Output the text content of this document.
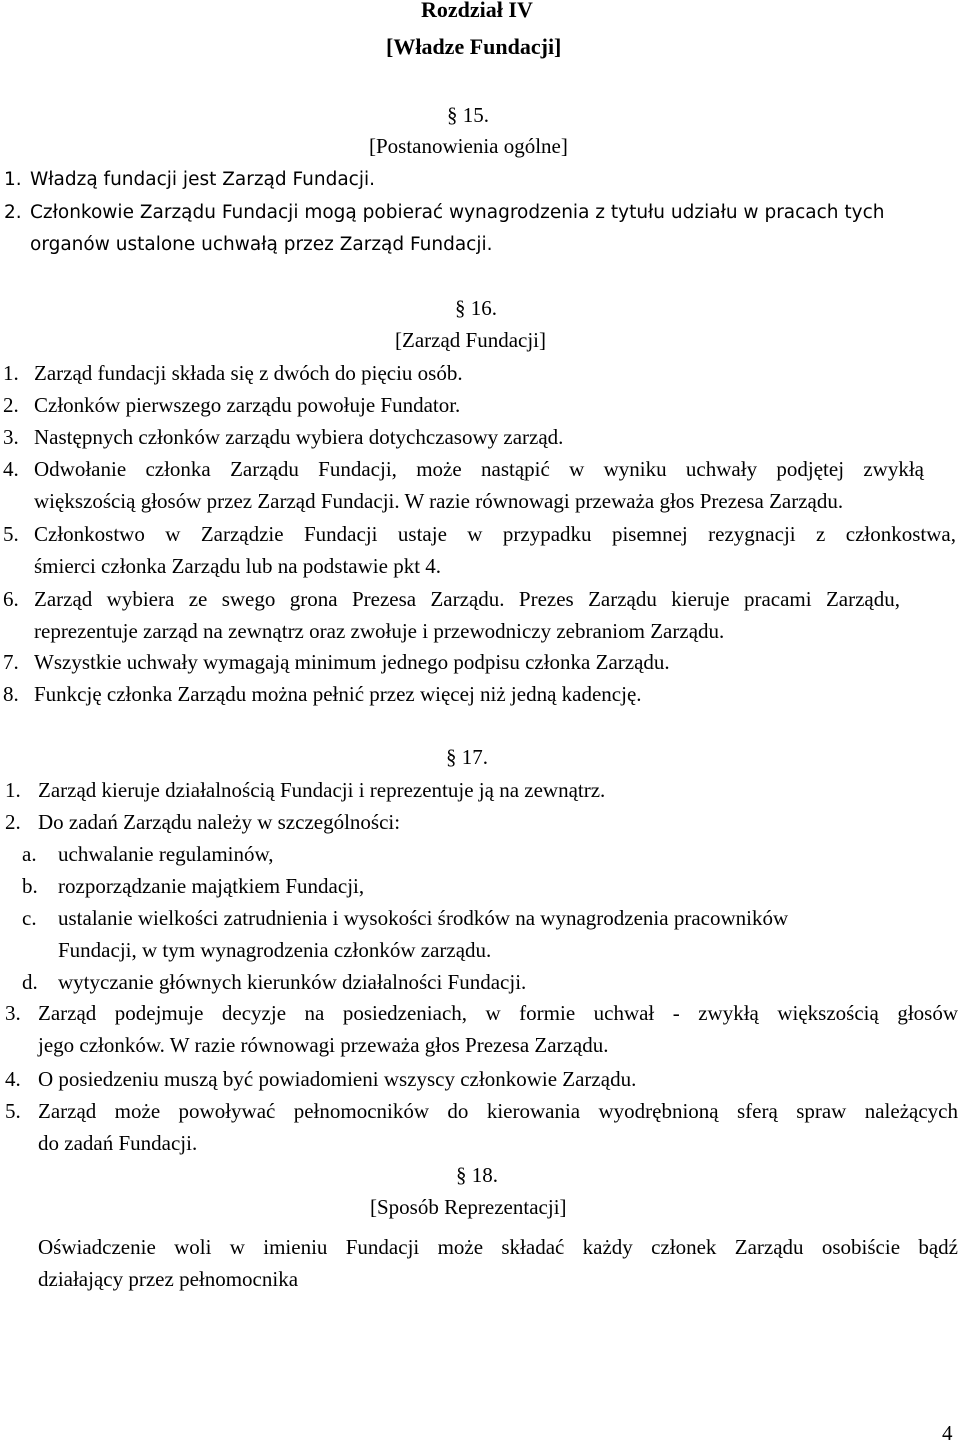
Rozdział IV
[Władze Fundacji]
§ 15.
[Postanowienia ogólne]
1. Władzą fundacji jest Zarząd Fundacji.
2. Członkowie Zarządu Fundacji mogą pobierać wynagrodzenia z tytułu udziału w pracach tych
organów ustalone uchwałą przez Zarząd Fundacji.
§ 16.
[Zarząd Fundacji]
1. Zarząd fundacji składa się z dwóch do pięciu osób.
2. Członków pierwszego zarządu powołuje Fundator.
3. Następnych członków zarządu wybiera dotychczasowy zarząd.
4. Odwołanie członka Zarządu Fundacji, może nastąpić w wyniku uchwały podjętej zwykłą
większością głosów przez Zarząd Fundacji. W razie równowagi przeważa głos Prezesa Zarządu.
5. Członkostwo w Zarządzie Fundacji ustaje w przypadku pisemnej rezygnacji z członkostwa,
śmierci członka Zarządu lub na podstawie pkt 4.
6. Zarząd wybiera ze swego grona Prezesa Zarządu. Prezes Zarządu kieruje pracami Zarządu,
reprezentuje zarząd na zewnątrz oraz zwołuje i przewodniczy zebraniom Zarządu.
7. Wszystkie uchwały wymagają minimum jednego podpisu członka Zarządu.
8. Funkcję członka Zarządu można pełnić przez więcej niż jedną kadencję.
§ 17.
1. Zarząd kieruje działalnością Fundacji i reprezentuje ją na zewnątrz.
2. Do zadań Zarządu należy w szczególności:
a. uchwalanie regulaminów,
b. rozporządzanie majątkiem Fundacji,
c. ustalanie wielkości zatrudnienia i wysokości środków na wynagrodzenia pracowników
Fundacji, w tym wynagrodzenia członków zarządu.
d. wytyczanie głównych kierunków działalności Fundacji.
3. Zarząd podejmuje decyzje na posiedzeniach, w formie uchwał - zwykłą większością głosów
jego członków. W razie równowagi przeważa głos Prezesa Zarządu.
4. O posiedzeniu muszą być powiadomieni wszyscy członkowie Zarządu.
5. Zarząd może powoływać pełnomocników do kierowania wyodrębnioną sferą spraw należących
do zadań Fundacji.
§ 18.
[Sposób Reprezentacji]
Oświadczenie woli w imieniu Fundacji może składać każdy członek Zarządu osobiście bądź
działający przez pełnomocnika
4
